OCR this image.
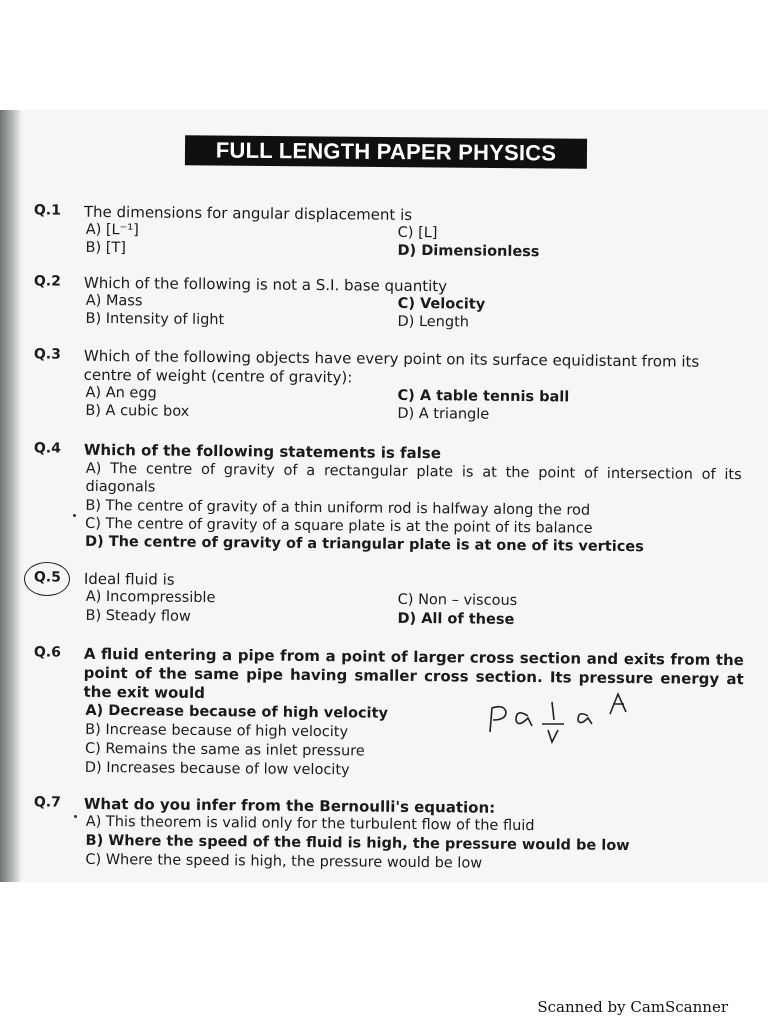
FULL LENGTH PAPER PHYSICS
Q.1 The dimensions for angular displacement is
A) [L⁻¹]	C) [L]
B) [T]	D) Dimensionless
Q.2 Which of the following is not a S.I. base quantity
A) Mass	C) Velocity
B) Intensity of light	D) Length
Q.3 Which of the following objects have every point on its surface equidistant from its centre of weight (centre of gravity):
A) An egg	C) A table tennis ball
B) A cubic box	D) A triangle
Q.4 Which of the following statements is false
A) The centre of gravity of a rectangular plate is at the point of intersection of its diagonals
B) The centre of gravity of a thin uniform rod is halfway along the rod
C) The centre of gravity of a square plate is at the point of its balance
D) The centre of gravity of a triangular plate is at one of its vertices
Q.5 Ideal fluid is
A) Incompressible	C) Non – viscous
B) Steady flow	D) All of these
Q.6 A fluid entering a pipe from a point of larger cross section and exits from the point of the same pipe having smaller cross section. Its pressure energy at the exit would
A) Decrease because of high velocity
B) Increase because of high velocity
C) Remains the same as inlet pressure
D) Increases because of low velocity
Q.7 What do you infer from the Bernoulli's equation:
A) This theorem is valid only for the turbulent flow of the fluid
B) Where the speed of the fluid is high, the pressure would be low
C) Where the speed is high, the pressure would be low
Scanned by CamScanner
